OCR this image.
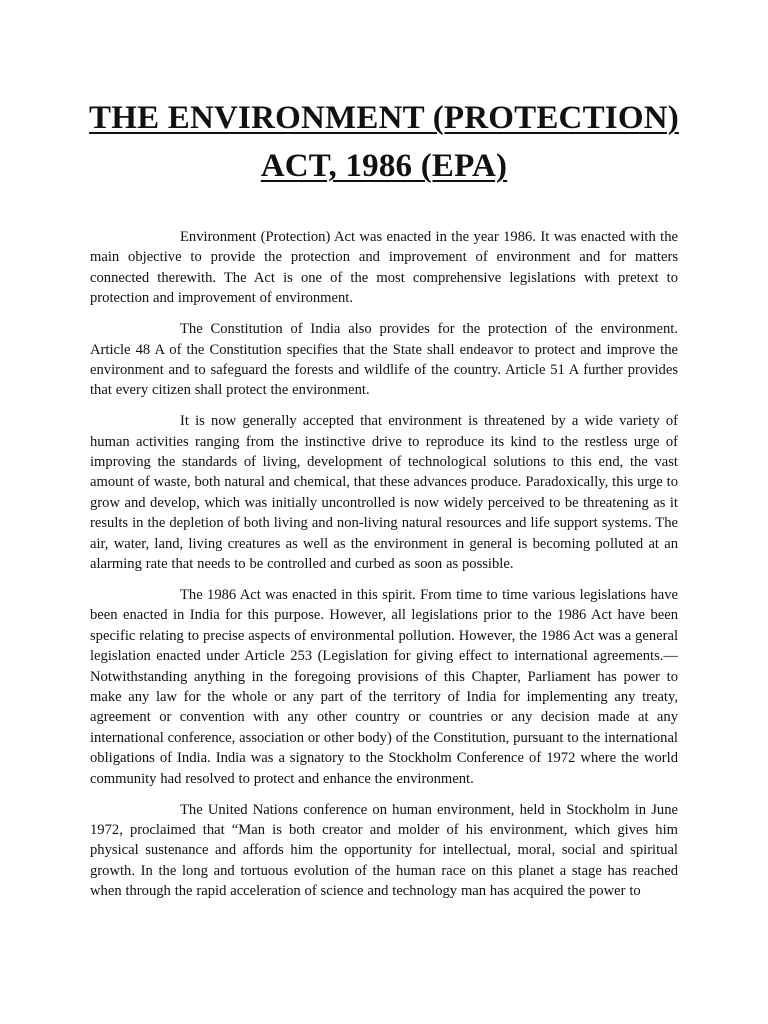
THE ENVIRONMENT (PROTECTION)
ACT, 1986 (EPA)

Environment (Protection) Act was enacted in the year 1986. It was enacted with the main objective to provide the protection and improvement of environment and for matters connected therewith. The Act is one of the most comprehensive legislations with pretext to protection and improvement of environment.

The Constitution of India also provides for the protection of the environment. Article 48 A of the Constitution specifies that the State shall endeavor to protect and improve the environment and to safeguard the forests and wildlife of the country. Article 51 A further provides that every citizen shall protect the environment.

It is now generally accepted that environment is threatened by a wide variety of human activities ranging from the instinctive drive to reproduce its kind to the restless urge of improving the standards of living, development of technological solutions to this end, the vast amount of waste, both natural and chemical, that these advances produce. Paradoxically, this urge to grow and develop, which was initially uncontrolled is now widely perceived to be threatening as it results in the depletion of both living and non-living natural resources and life support systems. The air, water, land, living creatures as well as the environment in general is becoming polluted at an alarming rate that needs to be controlled and curbed as soon as possible.

The 1986 Act was enacted in this spirit. From time to time various legislations have been enacted in India for this purpose. However, all legislations prior to the 1986 Act have been specific relating to precise aspects of environmental pollution. However, the 1986 Act was a general legislation enacted under Article 253 (Legislation for giving effect to international agreements.—Notwithstanding anything in the foregoing provisions of this Chapter, Parliament has power to make any law for the whole or any part of the territory of India for implementing any treaty, agreement or convention with any other country or countries or any decision made at any international conference, association or other body) of the Constitution, pursuant to the international obligations of India. India was a signatory to the Stockholm Conference of 1972 where the world community had resolved to protect and enhance the environment.

The United Nations conference on human environment, held in Stockholm in June 1972, proclaimed that “Man is both creator and molder of his environment, which gives him physical sustenance and affords him the opportunity for intellectual, moral, social and spiritual growth. In the long and tortuous evolution of the human race on this planet a stage has reached when through the rapid acceleration of science and technology man has acquired the power to
